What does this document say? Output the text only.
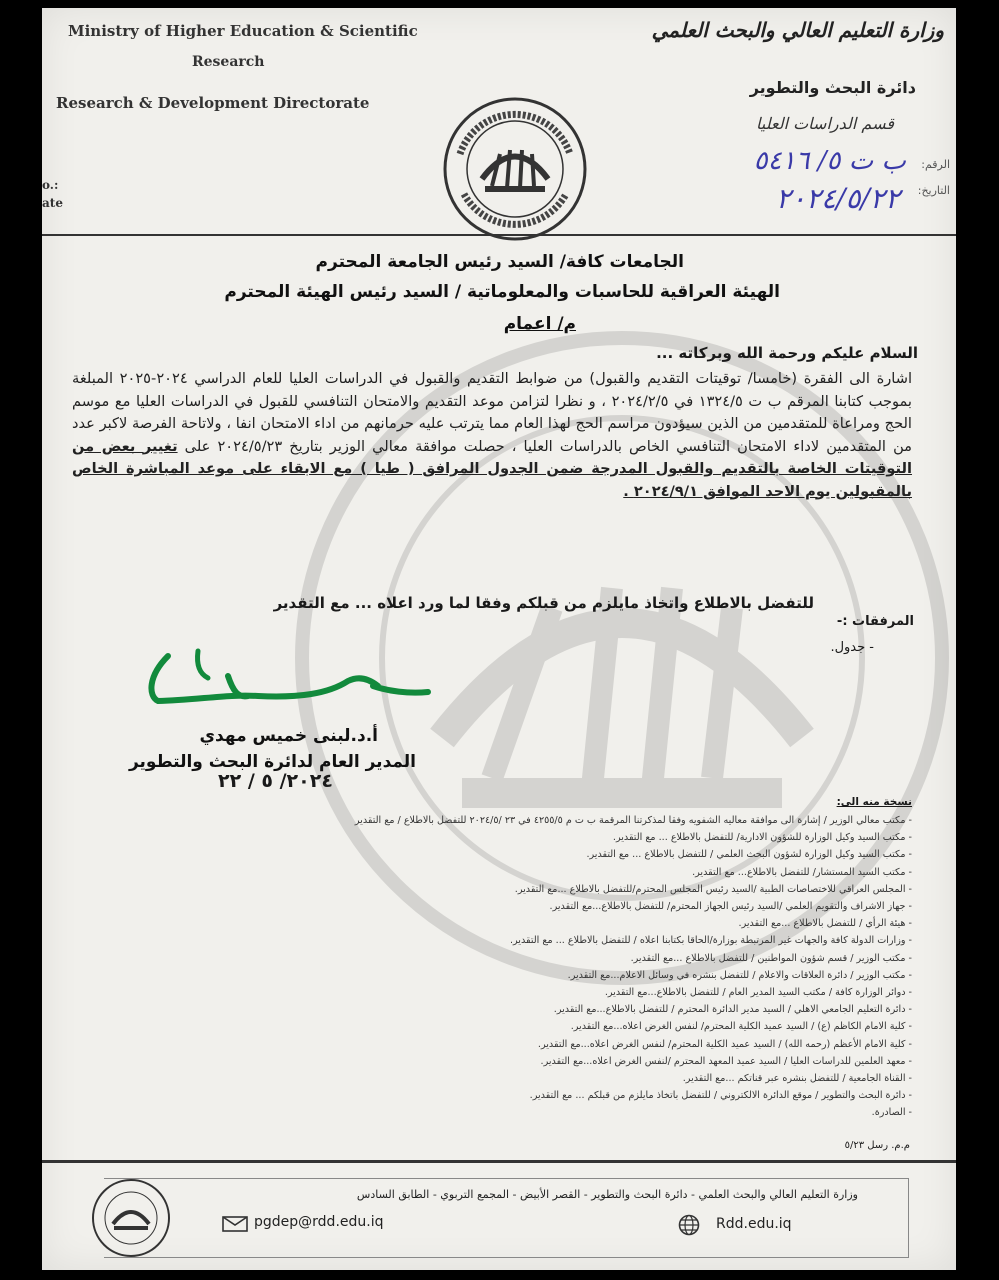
Ministry of Higher Education & Scientific
Research
Research & Development Directorate
o.:
ate
وزارة التعليم العالي والبحث العلمي
دائرة البحث والتطوير
قسم الدراسات العليا
الرقم:
التاريخ:
ب ت ٥/ ٥٤١٦
٢٠٢٤/٥/٢٢
الجامعات كافة/ السيد رئيس الجامعة المحترم
الهيئة العراقية للحاسبات والمعلوماتية / السيد رئيس الهيئة المحترم
م/ اعمام
السلام عليكم ورحمة الله وبركاته ...
اشارة الى الفقرة (خامسا/ توقيتات التقديم والقبول) من ضوابط التقديم والقبول في الدراسات العليا للعام الدراسي ٢٠٢٤-٢٠٢٥ المبلغة بموجب كتابنا المرقم ب ت ١٣٢٤/٥ في ٢٠٢٤/٢/٥ ، و نظرا لتزامن موعد التقديم والامتحان التنافسي للقبول في الدراسات العليا مع موسم الحج ومراعاة للمتقدمين من الذين سيؤدون مراسم الحج لهذا العام مما يترتب عليه حرمانهم من اداء الامتحان انفا ، ولاتاحة الفرصة لاكبر عدد من المتقدمين لاداء الامتحان التنافسي الخاص بالدراسات العليا ، حصلت موافقة معالي الوزير بتاريخ ٢٠٢٤/٥/٢٣ على تغيير بعض من التوقيتات الخاصة بالتقديم والقبول المدرجة ضمن الجدول المرافق ( طيا ) مع الابقاء على موعد المباشرة الخاص بالمقبولين يوم الاحد الموافق ٢٠٢٤/٩/١ .
للتفضل بالاطلاع واتخاذ مايلزم من قبلكم وفقا لما ورد اعلاه ... مع التقدير
المرفقات :-
- جدول.
أ.د.لبنى خميس مهدي
المدير العام لدائرة البحث والتطوير
٢٠٢٤/ ٥ / ٢٢
نسخة منه الى:
- مكتب معالي الوزير / إشارة الى موافقة معاليه الشفويه وفقا لمذكرتنا المرقمة ب ت م ٤٢٥٥/٥ في ٢٣ /٢٠٢٤/٥ للتفضل بالاطلاع / مع التقدير
- مكتب السيد وكيل الوزارة للشؤون الادارية/ للتفضل بالاطلاع ... مع التقدير.
- مكتب السيد وكيل الوزارة لشؤون البحث العلمي / للتفضل بالاطلاع ... مع التقدير.
- مكتب السيد المستشار/ للتفضل بالاطلاع... مع التقدير.
- المجلس العراقي للاختصاصات الطبية /السيد رئيس المجلس المحترم/للتفضل بالاطلاع ...مع التقدير.
- جهاز الاشراف والتقويم العلمي /السيد رئيس الجهاز المحترم/ للتفضل بالاطلاع...مع التقدير.
- هيئة الرأي / للتفضل بالاطلاع ...مع التقدير.
- وزارات الدولة كافة والجهات غير المرتبطة بوزارة/الحاقا بكتابنا اعلاه / للتفضل بالاطلاع ... مع التقدير.
- مكتب الوزير / قسم شؤون المواطنين / للتفضل بالاطلاع ...مع التقدير.
- مكتب الوزير / دائرة العلاقات والاعلام / للتفضل بنشره في وسائل الاعلام...مع التقدير.
- دوائر الوزارة كافة / مكتب السيد المدير العام / للتفضل بالاطلاع...مع التقدير.
- دائرة التعليم الجامعي الاهلي / السيد مدير الدائرة المحترم / للتفضل بالاطلاع...مع التقدير.
- كلية الامام الكاظم (ع) / السيد عميد الكلية المحترم/ لنفس الغرض اعلاه...مع التقدير.
- كلية الامام الأعظم (رحمه الله) / السيد عميد الكلية المحترم/ لنفس الغرض اعلاه...مع التقدير.
- معهد العلمين للدراسات العليا / السيد عميد المعهد المحترم /لنفس الغرض اعلاه...مع التقدير.
- القناة الجامعية / للتفضل بنشره عبر قناتكم ...مع التقدير.
- دائرة البحث والتطوير / موقع الدائرة الالكتروني / للتفضل باتخاذ مايلزم من قبلكم ... مع التقدير.
- الصادرة.
م.م. رسل ٥/٢٣
وزارة التعليم العالي والبحث العلمي - دائرة البحث والتطوير - القصر الأبيض - المجمع التربوي - الطابق السادس
pgdep@rdd.edu.iq	Rdd.edu.iq
